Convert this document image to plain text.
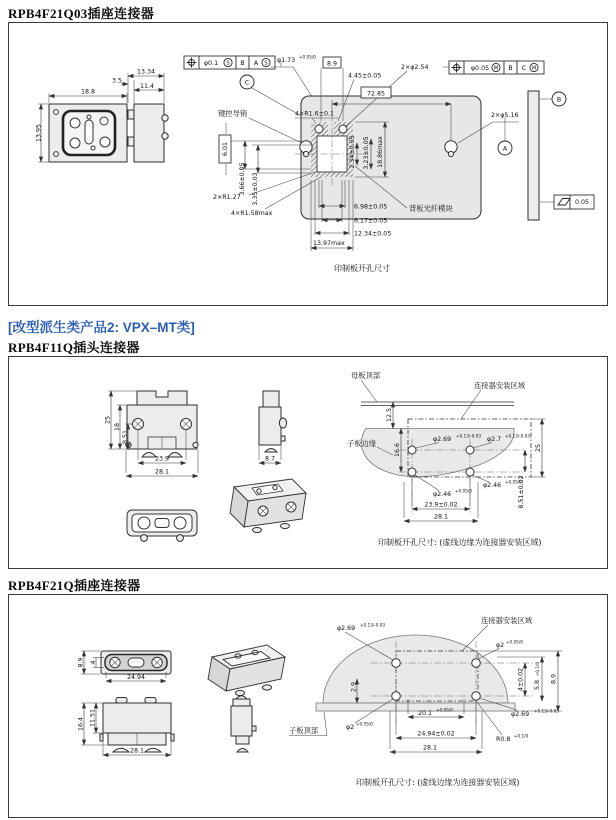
RPB4F21Q03插座连接器
18.8
13.95
13.34
3.5
11.4
φ0.1 S B A S φ1.73 +0.05/0
C
8.9
4.45±0.05
2×φ2.54
72.85
φ0.05 M B C M
2×φ5.16
A
B
0.05
键控导销	4×R1.6±0.1
6.01
3.66±0.05 3.35±0.03
2×R1.27
4×R1.58max
2.34±0.05 3.23±0.05 18.86max
6.98±0.05
6.17±0.05
12.34±0.05
13.97max
背板光纤模块
印制板开孔尺寸
[改型派生类产品2: VPX–MT类]
RPB4F11Q插头连接器
25
18
8.51
23.9
28.1
8.7
母板顶部
连接器安装区域
子板边缘
12.5
16.6
φ2.69 +0.13/-0.03 φ2.7 +0.13/-0.03
25
8.51±0.02
φ2.46 +0.05/0
φ2.46 +0.05/0
23.9±0.02
28.1
印制板开孔尺寸: (虚线边缘为连接器安装区域)
RPB4F21Q插座连接器
8.9 4
24.94
16.4 11.51
28.1
子板顶部
φ2.69 +0.13/-0.03	连接器安装区域
φ2 +0.05/0
2.9	4±0.02 5.8
+0.1/0
8.9
20.1 +0.05/0
φ2.69 +0.13/-0.03
24.94±0.02
R0.8 +0.1/0
28.1
φ2 +0.05/0
印制板开孔尺寸: (虚线边缘为连接器安装区域)
